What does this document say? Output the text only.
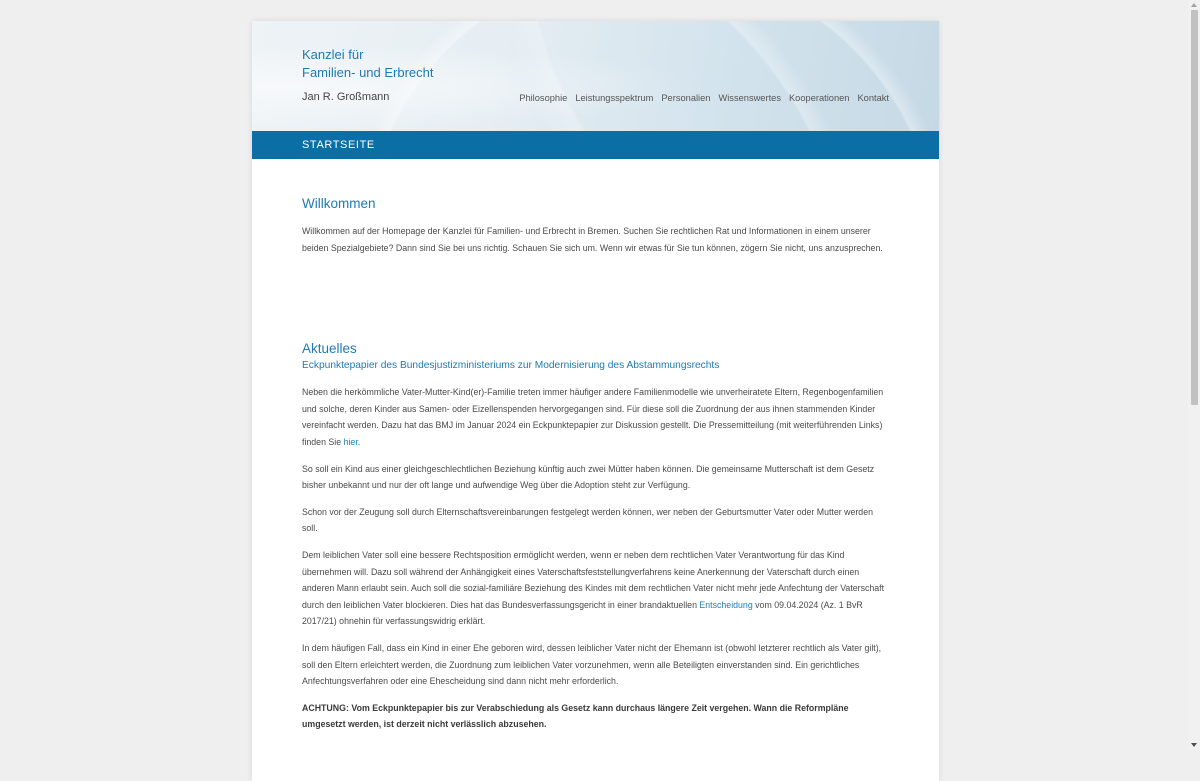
Kanzlei für
Familien- und Erbrecht
Jan R. Großmann	Philosophie Leistungsspektrum Personalien Wissenswertes Kooperationen Kontakt
STARTSEITE
Willkommen

Willkommen auf der Homepage der Kanzlei für Familien- und Erbrecht in Bremen. Suchen Sie rechtlichen Rat und Informationen in einem unserer beiden Spezialgebiete? Dann sind Sie bei uns richtig. Schauen Sie sich um. Wenn wir etwas für Sie tun können, zögern Sie nicht, uns anzusprechen.

Aktuelles
Eckpunktepapier des Bundesjustizministeriums zur Modernisierung des Abstammungsrechts

Neben die herkömmliche Vater-Mutter-Kind(er)-Familie treten immer häufiger andere Familienmodelle wie unverheiratete Eltern, Regenbogenfamilien und solche, deren Kinder aus Samen- oder Eizellenspenden hervorgegangen sind. Für diese soll die Zuordnung der aus ihnen stammenden Kinder vereinfacht werden. Dazu hat das BMJ im Januar 2024 ein Eckpunktepapier zur Diskussion gestellt. Die Pressemitteilung (mit weiterführenden Links) finden Sie hier.

So soll ein Kind aus einer gleichgeschlechtlichen Beziehung künftig auch zwei Mütter haben können. Die gemeinsame Mutterschaft ist dem Gesetz bisher unbekannt und nur der oft lange und aufwendige Weg über die Adoption steht zur Verfügung.

Schon vor der Zeugung soll durch Elternschaftsvereinbarungen festgelegt werden können, wer neben der Geburtsmutter Vater oder Mutter werden soll.

Dem leiblichen Vater soll eine bessere Rechtsposition ermöglicht werden, wenn er neben dem rechtlichen Vater Verantwortung für das Kind übernehmen will. Dazu soll während der Anhängigkeit eines Vaterschaftsfeststellungverfahrens keine Anerkennung der Vaterschaft durch einen anderen Mann erlaubt sein. Auch soll die sozial-familiäre Beziehung des Kindes mit dem rechtlichen Vater nicht mehr jede Anfechtung der Vaterschaft durch den leiblichen Vater blockieren. Dies hat das Bundesverfassungsgericht in einer brandaktuellen Entscheidung vom 09.04.2024 (Az. 1 BvR 2017/21) ohnehin für verfassungswidrig erklärt.

In dem häufigen Fall, dass ein Kind in einer Ehe geboren wird, dessen leiblicher Vater nicht der Ehemann ist (obwohl letzterer rechtlich als Vater gilt), soll den Eltern erleichtert werden, die Zuordnung zum leiblichen Vater vorzunehmen, wenn alle Beteiligten einverstanden sind. Ein gerichtliches Anfechtungsverfahren oder eine Ehescheidung sind dann nicht mehr erforderlich.

ACHTUNG: Vom Eckpunktepapier bis zur Verabschiedung als Gesetz kann durchaus längere Zeit vergehen. Wann die Reformpläne umgesetzt werden, ist derzeit nicht verlässlich abzusehen.
